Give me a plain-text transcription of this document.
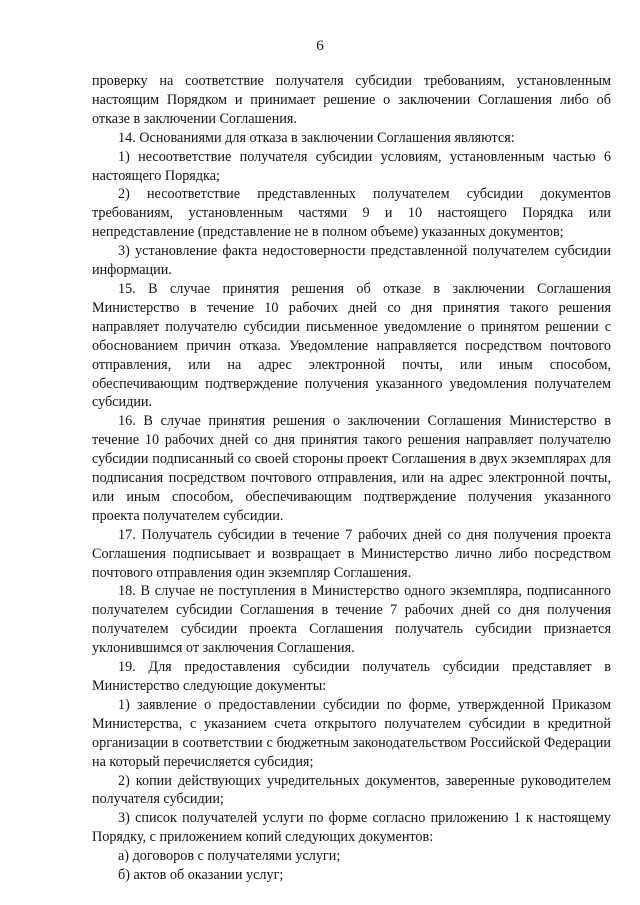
6

проверку на соответствие получателя субсидии требованиям, установленным настоящим Порядком и принимает решение о заключении Соглашения либо об отказе в заключении Соглашения.

14. Основаниями для отказа в заключении Соглашения являются:

1) несоответствие получателя субсидии условиям, установленным частью 6 настоящего Порядка;

2) несоответствие представленных получателем субсидии документов требованиям, установленным частями 9 и 10 настоящего Порядка или непредставление (представление не в полном объеме) указанных документов;

3) установление факта недостоверности представленной получателем субсидии информации.

15. В случае принятия решения об отказе в заключении Соглашения Министерство в течение 10 рабочих дней со дня принятия такого решения направляет получателю субсидии письменное уведомление о принятом решении с обоснованием причин отказа. Уведомление направляется посредством почтового отправления, или на адрес электронной почты, или иным способом, обеспечивающим подтверждение получения указанного уведомления получателем субсидии.

16. В случае принятия решения о заключении Соглашения Министерство в течение 10 рабочих дней со дня принятия такого решения направляет получателю субсидии подписанный со своей стороны проект Соглашения в двух экземплярах для подписания посредством почтового отправления, или на адрес электронной почты, или иным способом, обеспечивающим подтверждение получения указанного проекта получателем субсидии.

17. Получатель субсидии в течение 7 рабочих дней со дня получения проекта Соглашения подписывает и возвращает в Министерство лично либо посредством почтового отправления один экземпляр Соглашения.

18. В случае не поступления в Министерство одного экземпляра, подписанного получателем субсидии Соглашения в течение 7 рабочих дней со дня получения получателем субсидии проекта Соглашения получатель субсидии признается уклонившимся от заключения Соглашения.

19. Для предоставления субсидии получатель субсидии представляет в Министерство следующие документы:

1) заявление о предоставлении субсидии по форме, утвержденной Приказом Министерства, с указанием счета открытого получателем субсидии в кредитной организации в соответствии с бюджетным законодательством Российской Федерации на который перечисляется субсидия;

2) копии действующих учредительных документов, заверенные руководителем получателя субсидии;

3) список получателей услуги по форме согласно приложению 1 к настоящему Порядку, с приложением копий следующих документов:

а) договоров с получателями услуги;

б) актов об оказании услуг;
